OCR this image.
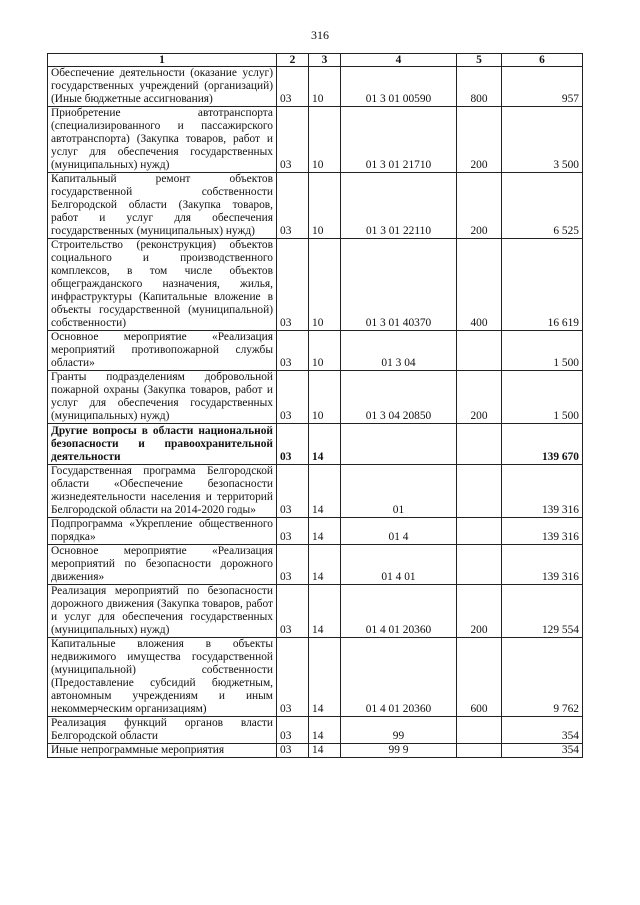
316
1	2	3	4	5	6
Обеспечение деятельности (оказание услуг) государственных учреждений (организаций) (Иные бюджетные ассигнования)	03	10	01 3 01 00590	800	957
Приобретение автотранспорта (специализированного и пассажирского автотранспорта) (Закупка товаров, работ и услуг для обеспечения государственных (муниципальных) нужд)	03	10	01 3 01 21710	200	3 500
Капитальный ремонт объектов государственной собственности Белгородской области (Закупка товаров, работ и услуг для обеспечения государственных (муниципальных) нужд)	03	10	01 3 01 22110	200	6 525
Строительство (реконструкция) объектов социального и производственного комплексов, в том числе объектов общегражданского назначения, жилья, инфраструктуры (Капитальные вложение в объекты государственной (муниципальной) собственности)	03	10	01 3 01 40370	400	16 619
Основное мероприятие «Реализация мероприятий противопожарной службы области»	03	10	01 3 04		1 500
Гранты подразделениям добровольной пожарной охраны (Закупка товаров, работ и услуг для обеспечения государственных (муниципальных) нужд)	03	10	01 3 04 20850	200	1 500
Другие вопросы в области национальной безопасности и правоохранительной деятельности	03	14			139 670
Государственная программа Белгородской области «Обеспечение безопасности жизнедеятельности населения и территорий Белгородской области на 2014-2020 годы»	03	14	01		139 316
Подпрограмма «Укрепление общественного порядка»	03	14	01 4		139 316
Основное мероприятие «Реализация мероприятий по безопасности дорожного движения»	03	14	01 4 01		139 316
Реализация мероприятий по безопасности дорожного движения (Закупка товаров, работ и услуг для обеспечения государственных (муниципальных) нужд)	03	14	01 4 01 20360	200	129 554
Капитальные вложения в объекты недвижимого имущества государственной (муниципальной) собственности (Предоставление субсидий бюджетным, автономным учреждениям и иным некоммерческим организациям)	03	14	01 4 01 20360	600	9 762
Реализация функций органов власти Белгородской области	03	14	99		354
Иные непрограммные мероприятия	03	14	99 9		354
